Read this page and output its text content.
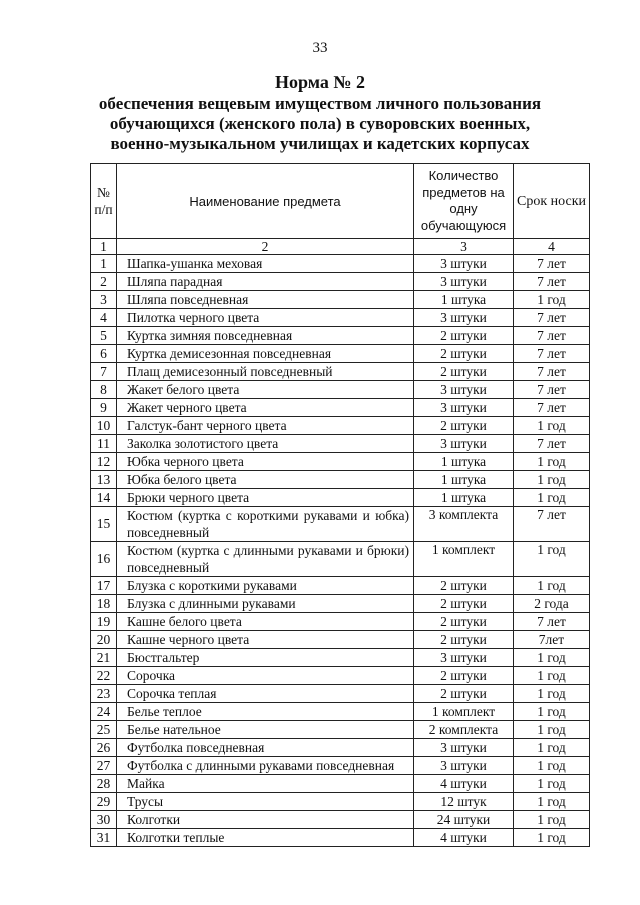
33
Норма № 2
обеспечения вещевым имуществом личного пользования
обучающихся (женского пола) в суворовских военных,
военно-музыкальном училищах и кадетских корпусах
№ п/п	Наименование предмета	Количество предметов на одну обучающуюся	Срок носки
1	2	3	4
1	Шапка-ушанка меховая	3 штуки	7 лет
2	Шляпа парадная	3 штуки	7 лет
3	Шляпа повседневная	1 штука	1 год
4	Пилотка черного цвета	3 штуки	7 лет
5	Куртка зимняя повседневная	2 штуки	7 лет
6	Куртка демисезонная повседневная	2 штуки	7 лет
7	Плащ демисезонный повседневный	2 штуки	7 лет
8	Жакет белого цвета	3 штуки	7 лет
9	Жакет черного цвета	3 штуки	7 лет
10	Галстук-бант черного цвета	2 штуки	1 год
11	Заколка золотистого цвета	3 штуки	7 лет
12	Юбка черного цвета	1 штука	1 год
13	Юбка белого цвета	1 штука	1 год
14	Брюки черного цвета	1 штука	1 год
15	Костюм (куртка с короткими рукавами и юбка) повседневный	3 комплекта	7 лет
16	Костюм (куртка с длинными рукавами и брюки) повседневный	1 комплект	1 год
17	Блузка с короткими рукавами	2 штуки	1 год
18	Блузка с длинными рукавами	2 штуки	2 года
19	Кашне белого цвета	2 штуки	7 лет
20	Кашне черного цвета	2 штуки	7лет
21	Бюстгальтер	3 штуки	1 год
22	Сорочка	2 штуки	1 год
23	Сорочка теплая	2 штуки	1 год
24	Белье теплое	1 комплект	1 год
25	Белье нательное	2 комплекта	1 год
26	Футболка повседневная	3 штуки	1 год
27	Футболка с длинными рукавами повседневная	3 штуки	1 год
28	Майка	4 штуки	1 год
29	Трусы	12 штук	1 год
30	Колготки	24 штуки	1 год
31	Колготки теплые	4 штуки	1 год
